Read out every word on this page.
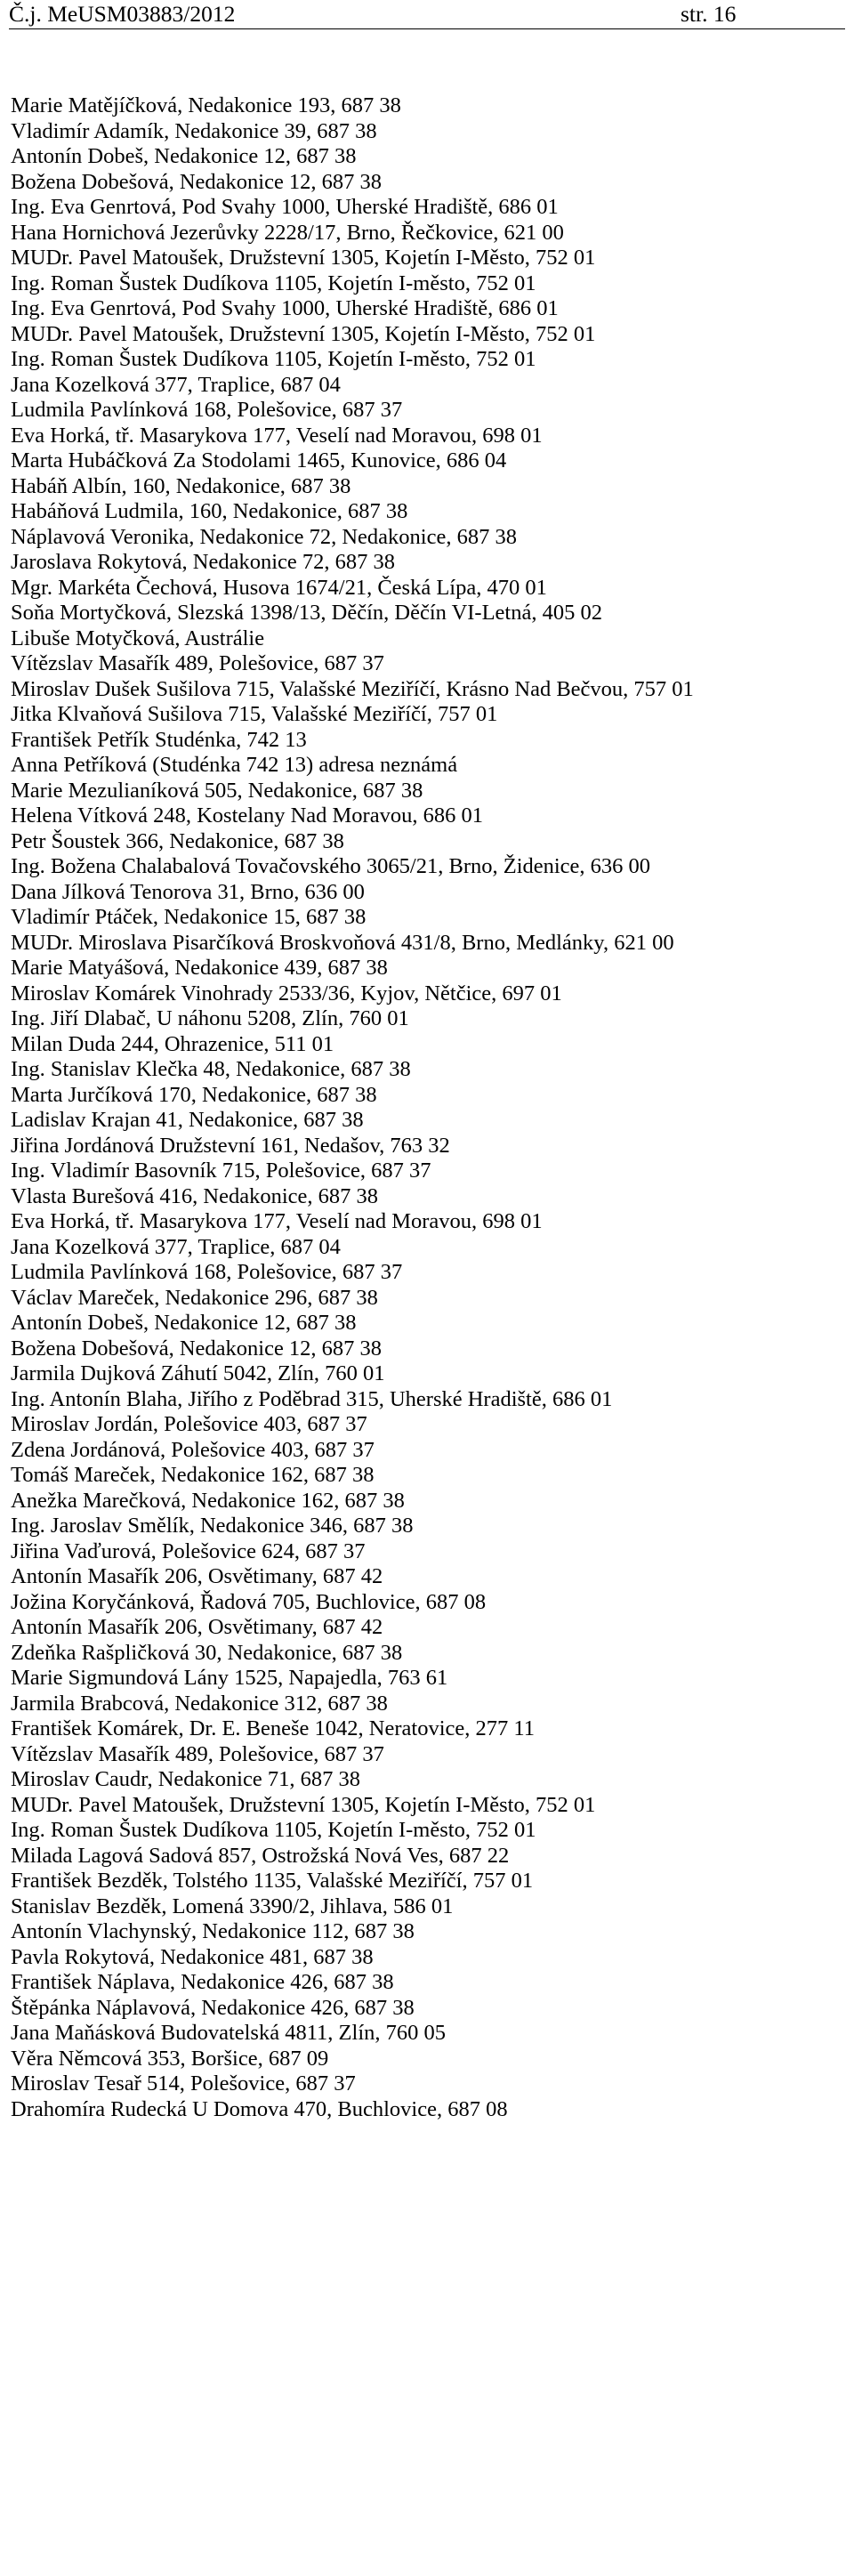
Č.j. MeUSM03883/2012	str. 16
Marie Matějíčková, Nedakonice 193, 687 38
Vladimír Adamík, Nedakonice 39, 687 38
Antonín Dobeš, Nedakonice 12, 687 38
Božena Dobešová, Nedakonice 12, 687 38
Ing. Eva Genrtová, Pod Svahy 1000, Uherské Hradiště, 686 01
Hana Hornichová Jezerůvky 2228/17, Brno, Řečkovice, 621 00
MUDr. Pavel Matoušek, Družstevní 1305, Kojetín I-Město, 752 01
Ing. Roman Šustek Dudíkova 1105, Kojetín I-město, 752 01
Ing. Eva Genrtová, Pod Svahy 1000, Uherské Hradiště, 686 01
MUDr. Pavel Matoušek, Družstevní 1305, Kojetín I-Město, 752 01
Ing. Roman Šustek Dudíkova 1105, Kojetín I-město, 752 01
Jana Kozelková 377, Traplice, 687 04
Ludmila Pavlínková 168, Polešovice, 687 37
Eva Horká, tř. Masarykova 177, Veselí nad Moravou, 698 01
Marta Hubáčková Za Stodolami 1465, Kunovice, 686 04
Habáň Albín, 160, Nedakonice, 687 38
Habáňová Ludmila, 160, Nedakonice, 687 38
Náplavová Veronika, Nedakonice 72, Nedakonice, 687 38
Jaroslava Rokytová, Nedakonice 72, 687 38
Mgr. Markéta Čechová, Husova 1674/21, Česká Lípa, 470 01
Soňa Mortyčková, Slezská 1398/13, Děčín, Děčín VI-Letná, 405 02
Libuše Motyčková, Austrálie
Vítězslav Masařík 489, Polešovice, 687 37
Miroslav Dušek Sušilova 715, Valašské Meziříčí, Krásno Nad Bečvou, 757 01
Jitka Klvaňová Sušilova 715, Valašské Meziříčí, 757 01
František Petřík Studénka, 742 13
Anna Petříková (Studénka 742 13) adresa neznámá
Marie Mezulianíková 505, Nedakonice, 687 38
Helena Vítková 248, Kostelany Nad Moravou, 686 01
Petr Šoustek 366, Nedakonice, 687 38
Ing. Božena Chalabalová Tovačovského 3065/21, Brno, Židenice, 636 00
Dana Jílková Tenorova 31, Brno, 636 00
Vladimír Ptáček, Nedakonice 15, 687 38
MUDr. Miroslava Pisarčíková Broskvoňová 431/8, Brno, Medlánky, 621 00
Marie Matyášová, Nedakonice 439, 687 38
Miroslav Komárek Vinohrady 2533/36, Kyjov, Nětčice, 697 01
Ing. Jiří Dlabač, U náhonu 5208, Zlín, 760 01
Milan Duda 244, Ohrazenice, 511 01
Ing. Stanislav Klečka 48, Nedakonice, 687 38
Marta Jurčíková 170, Nedakonice, 687 38
Ladislav Krajan 41, Nedakonice, 687 38
Jiřina Jordánová Družstevní 161, Nedašov, 763 32
Ing. Vladimír Basovník 715, Polešovice, 687 37
Vlasta Burešová 416, Nedakonice, 687 38
Eva Horká, tř. Masarykova 177, Veselí nad Moravou, 698 01
Jana Kozelková 377, Traplice, 687 04
Ludmila Pavlínková 168, Polešovice, 687 37
Václav Mareček, Nedakonice 296, 687 38
Antonín Dobeš, Nedakonice 12, 687 38
Božena Dobešová, Nedakonice 12, 687 38
Jarmila Dujková Záhutí 5042, Zlín, 760 01
Ing. Antonín Blaha, Jiřího z Poděbrad 315, Uherské Hradiště, 686 01
Miroslav Jordán, Polešovice 403, 687 37
Zdena Jordánová, Polešovice 403, 687 37
Tomáš Mareček, Nedakonice 162, 687 38
Anežka Marečková, Nedakonice 162, 687 38
Ing. Jaroslav Smělík, Nedakonice 346, 687 38
Jiřina Vaďurová, Polešovice 624, 687 37
Antonín Masařík 206, Osvětimany, 687 42
Jožina Koryčánková, Řadová 705, Buchlovice, 687 08
Antonín Masařík 206, Osvětimany, 687 42
Zdeňka Rašpličková 30, Nedakonice, 687 38
Marie Sigmundová Lány 1525, Napajedla, 763 61
Jarmila Brabcová, Nedakonice 312, 687 38
František Komárek, Dr. E. Beneše 1042, Neratovice, 277 11
Vítězslav Masařík 489, Polešovice, 687 37
Miroslav Caudr, Nedakonice 71, 687 38
MUDr. Pavel Matoušek, Družstevní 1305, Kojetín I-Město, 752 01
Ing. Roman Šustek Dudíkova 1105, Kojetín I-město, 752 01
Milada Lagová Sadová 857, Ostrožská Nová Ves, 687 22
František Bezděk, Tolstého 1135, Valašské Meziříčí, 757 01
Stanislav Bezděk, Lomená 3390/2, Jihlava, 586 01
Antonín Vlachynský, Nedakonice 112, 687 38
Pavla Rokytová, Nedakonice 481, 687 38
František Náplava, Nedakonice 426, 687 38
Štěpánka Náplavová, Nedakonice 426, 687 38
Jana Maňásková Budovatelská 4811, Zlín, 760 05
Věra Němcová 353, Boršice, 687 09
Miroslav Tesař 514, Polešovice, 687 37
Drahomíra Rudecká U Domova 470, Buchlovice, 687 08
